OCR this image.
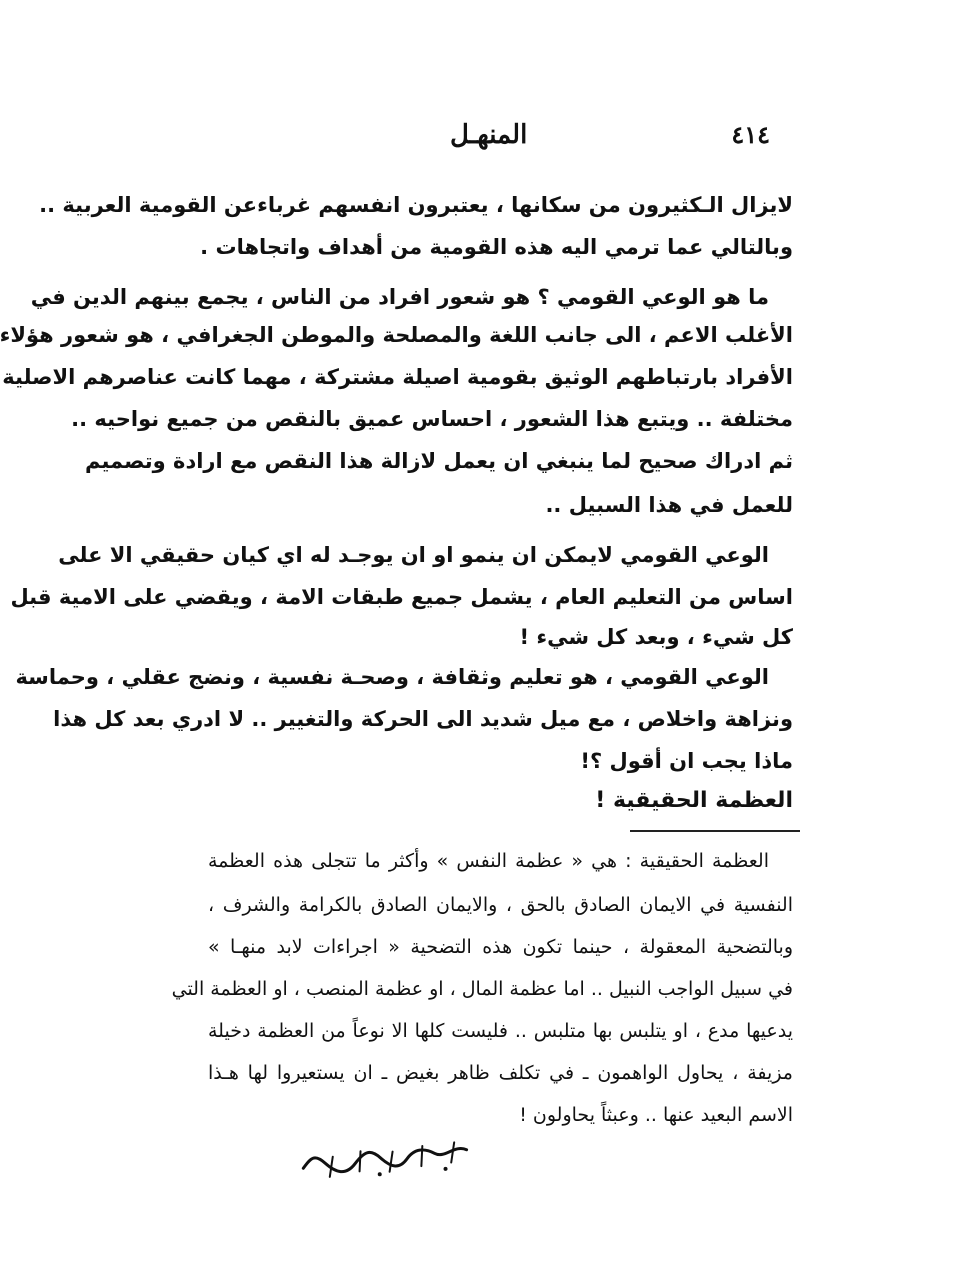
٤١٤
المنهـل
لايزال الـكثيرون من سكانها ، يعتبرون انفسهم غرباءعن القومية العربية ..
وبالتالي عما ترمي اليه هذه القومية من أهداف واتجاهات .
ما هو الوعي القومي ؟ هو شعور افراد من الناس ، يجمع بينهم الدين في
الأغلب الاعم ، الى جانب اللغة والمصلحة والموطن الجغرافي ، هو شعور هؤلاء
الأفراد بارتباطهم الوثيق بقومية اصيلة مشتركة ، مهما كانت عناصرهم الاصلية
مختلفة .. ويتبع هذا الشعور ، احساس عميق بالنقص من جميع نواحيه ..
ثم ادراك صحيح لما ينبغي ان يعمل لازالة هذا النقص مع ارادة وتصميم
للعمل في هذا السبيل ..
الوعي القومي لايمكن ان ينمو او ان يوجـد له اي كيان حقيقي الا على
اساس من التعليم العام ، يشمل جميع طبقات الامة ، ويقضي على الامية قبل
كل شيء ، وبعد كل شيء !
الوعي القومي ، هو تعليم وثقافة ، وصحـة نفسية ، ونضج عقلي ، وحماسة
ونزاهة واخلاص ، مع ميل شديد الى الحركة والتغيير .. لا ادري بعد كل هذا
ماذا يجب ان أقول ؟!
العظمة الحقيقية !
العظمة الحقيقية : هي « عظمة النفس » وأكثر ما تتجلى هذه العظمة
النفسية في الايمان الصادق بالحق ، والايمان الصادق بالكرامة والشرف ،
وبالتضحية المعقولة ، حينما تكون هذه التضحية « اجراءات لابد منهـا »
في سبيل الواجب النبيل .. اما عظمة المال ، او عظمة المنصب ، او العظمة التي
يدعيها مدع ، او يتلبس بها متلبس .. فليست كلها الا نوعاً من العظمة دخيلة
مزيفة ، يحاول الواهمون ـ في تكلف ظاهر بغيض ـ ان يستعيروا لها هـذا
الاسم البعيد عنها .. وعبثاً يحاولون !
